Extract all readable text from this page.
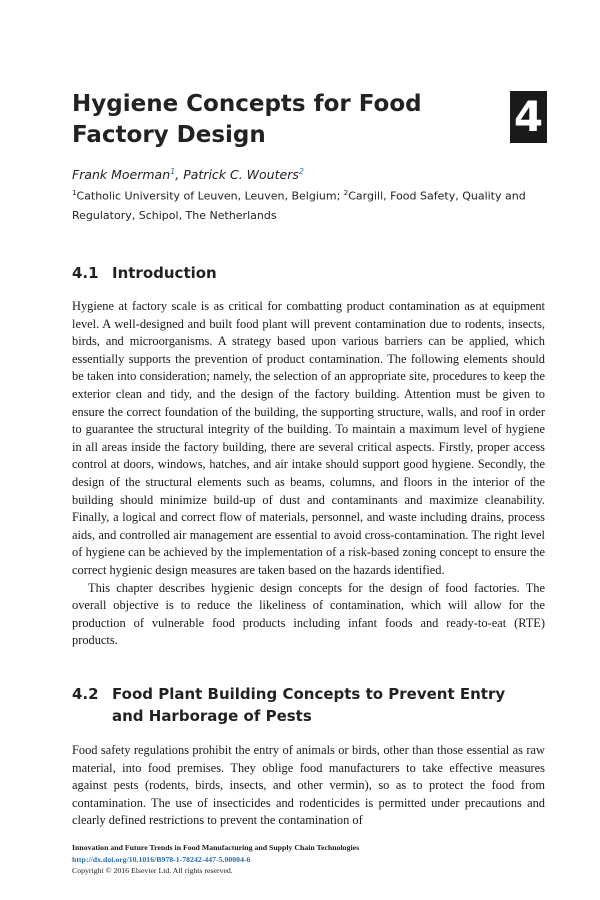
Hygiene Concepts for Food
Factory Design	4

Frank Moerman$^1$, Patrick C. Wouters$^2$

$^1$Catholic University of Leuven, Leuven, Belgium; $^2$Cargill, Food Safety, Quality and Regulatory, Schipol, The Netherlands

4.1 Introduction

Hygiene at factory scale is as critical for combatting product contamination as at equipment level. A well-designed and built food plant will prevent contamination due to rodents, insects, birds, and microorganisms. A strategy based upon various barriers can be applied, which essentially supports the prevention of product contamination. The following elements should be taken into consideration; namely, the selection of an appropriate site, procedures to keep the exterior clean and tidy, and the design of the factory building. Attention must be given to ensure the correct foundation of the building, the supporting structure, walls, and roof in order to guarantee the structural integrity of the building. To maintain a maximum level of hygiene in all areas inside the factory building, there are several critical aspects. Firstly, proper access control at doors, windows, hatches, and air intake should support good hygiene. Secondly, the design of the structural elements such as beams, columns, and floors in the interior of the building should minimize build-up of dust and contaminants and maximize cleanability. Finally, a logical and correct flow of materials, personnel, and waste including drains, process aids, and controlled air management are essential to avoid cross-contamination. The right level of hygiene can be achieved by the implementation of a risk-based zoning concept to ensure the correct hygienic design measures are taken based on the hazards identified.

This chapter describes hygienic design concepts for the design of food factories. The overall objective is to reduce the likeliness of contamination, which will allow for the production of vulnerable food products including infant foods and ready-to-eat (RTE) products.

4.2 Food Plant Building Concepts to Prevent Entry and Harborage of Pests

Food safety regulations prohibit the entry of animals or birds, other than those essential as raw material, into food premises. They oblige food manufacturers to take effective measures against pests (rodents, birds, insects, and other vermin), so as to protect the food from contamination. The use of insecticides and rodenticides is permitted under precautions and clearly defined restrictions to prevent the contamination of

Innovation and Future Trends in Food Manufacturing and Supply Chain Technologies
http://dx.doi.org/10.1016/B978-1-78242-447-5.00004-6
Copyright © 2016 Elsevier Ltd. All rights reserved.
